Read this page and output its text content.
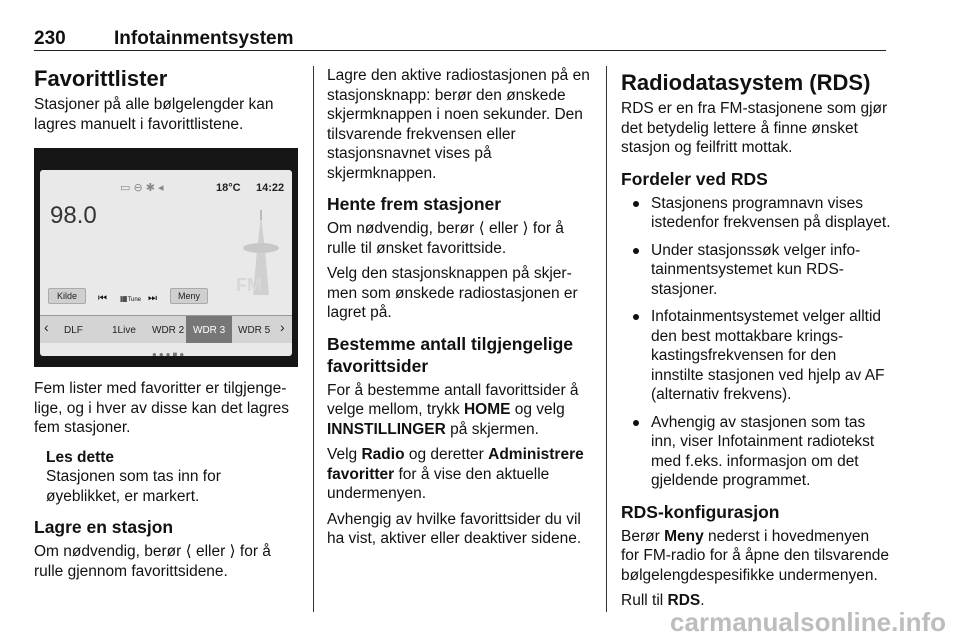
230	Infotainmentsystem
Favorittlister

Stasjoner på alle bølgelengder kan lagres manuelt i favorittlistene.

▭ ⊖ ✱ ◂	18°C 14:22
98.0
FM
Kilde	⏮ ▦Tune ⏭	Meny
‹ DLF	1Live WDR 2 WDR 3 WDR 5 ›
●●●■●

Fem lister med favoritter er tilgjengelige, og i hver av disse kan det lagres fem stasjoner.

Les dette
Stasjonen som tas inn for øyeblikket, er markert.
Lagre en stasjon

Om nødvendig, berør ⟨ eller ⟩ for å rulle gjennom favorittsidene.

Lagre den aktive radiostasjonen på en stasjonsknapp: berør den ønskede skjermknappen i noen sekunder. Den tilsvarende frekvensen eller stasjonsnavnet vises på skjermknappen.

Hente frem stasjoner

Om nødvendig, berør ⟨ eller ⟩ for å rulle til ønsket favorittside.

Velg den stasjonsknappen på skjermen som ønskede radiostasjonen er lagret på.

Bestemme antall tilgjengelige favorittsider

For å bestemme antall favorittsider å velge mellom, trykk HOME og velg INNSTILLINGER på skjermen.

Velg Radio og deretter Administrere favoritter for å vise den aktuelle undermenyen.

Avhengig av hvilke favorittsider du vil ha vist, aktiver eller deaktiver sidene.

Radiodatasystem (RDS)

RDS er en fra FM-stasjonene som gjør det betydelig lettere å finne ønsket stasjon og feilfritt mottak.

Fordeler ved RDS
Stasjonens programnavn vises istedenfor frekvensen på displayet.
Under stasjonssøk velger infotainmentsystemet kun RDS-stasjoner.
Infotainmentsystemet velger alltid den best mottakbare kringskastingsfrekvensen for den innstilte stasjonen ved hjelp av AF (alternativ frekvens).
Avhengig av stasjonen som tas inn, viser Infotainment radiotekst med f.eks. informasjon om det gjeldende programmet.
RDS-konfigurasjon

Berør Meny nederst i hovedmenyen for FM-radio for å åpne den tilsvarende bølgelengdespesifikke undermenyen.

Rull til RDS.

carmanualsonline.info
